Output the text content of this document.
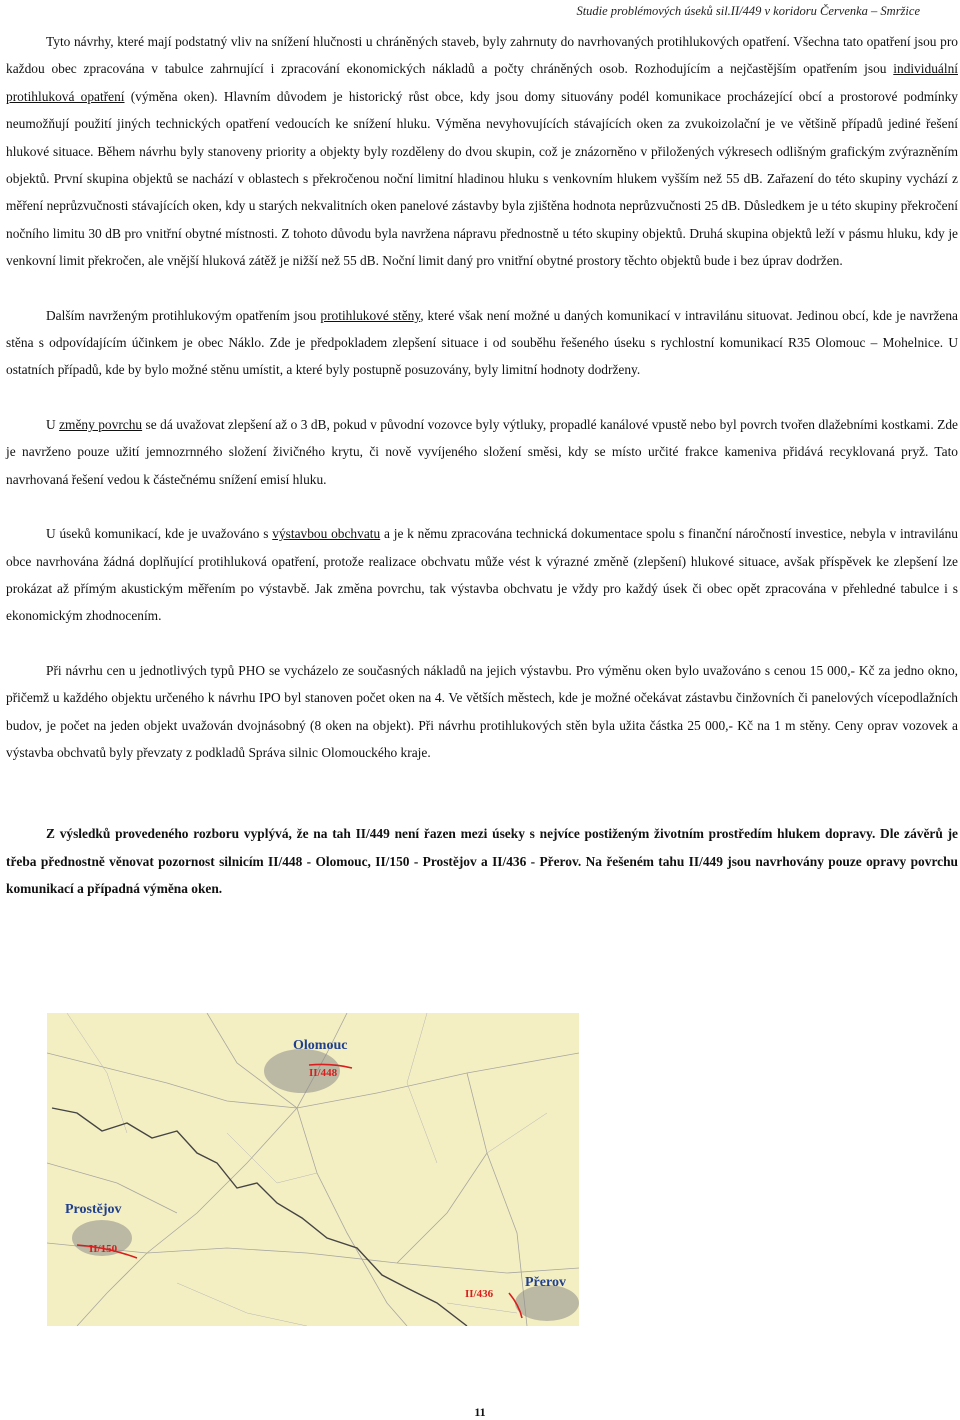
Studie problémových úseků sil.II/449 v koridoru Červenka – Smržice

Tyto návrhy, které mají podstatný vliv na snížení hlučnosti u chráněných staveb, byly zahrnuty do navrhovaných protihlukových opatření. Všechna tato opatření jsou pro každou obec zpracována v tabulce zahrnující i zpracování ekonomických nákladů a počty chráněných osob. Rozhodujícím a nejčastějším opatřením jsou individuální protihluková opatření (výměna oken). Hlavním důvodem je historický růst obce, kdy jsou domy situovány podél komunikace procházející obcí a prostorové podmínky neumožňují použití jiných technických opatření vedoucích ke snížení hluku. Výměna nevyhovujících stávajících oken za zvukoizolační je ve většině případů jediné řešení hlukové situace. Během návrhu byly stanoveny priority a objekty byly rozděleny do dvou skupin, což je znázorněno v přiložených výkresech odlišným grafickým zvýrazněním objektů. První skupina objektů se nachází v oblastech s překročenou noční limitní hladinou hluku s venkovním hlukem vyšším než 55 dB. Zařazení do této skupiny vychází z měření neprůzvučnosti stávajících oken, kdy u starých nekvalitních oken panelové zástavby byla zjištěna hodnota neprůzvučnosti 25 dB. Důsledkem je u této skupiny překročení nočního limitu 30 dB pro vnitřní obytné místnosti. Z tohoto důvodu byla navržena nápravu přednostně u této skupiny objektů. Druhá skupina objektů leží v pásmu hluku, kdy je venkovní limit překročen, ale vnější hluková zátěž je nižší než 55 dB. Noční limit daný pro vnitřní obytné prostory těchto objektů bude i bez úprav dodržen.

Dalším navrženým protihlukovým opatřením jsou protihlukové stěny, které však není možné u daných komunikací v intravilánu situovat. Jedinou obcí, kde je navržena stěna s odpovídajícím účinkem je obec Náklo. Zde je předpokladem zlepšení situace i od souběhu řešeného úseku s rychlostní komunikací R35 Olomouc – Mohelnice. U ostatních případů, kde by bylo možné stěnu umístit, a které byly postupně posuzovány, byly limitní hodnoty dodrženy.

U změny povrchu se dá uvažovat zlepšení až o 3 dB, pokud v původní vozovce byly výtluky, propadlé kanálové vpustě nebo byl povrch tvořen dlažebními kostkami. Zde je navrženo pouze užití jemnozrnného složení živičného krytu, či nově vyvíjeného složení směsi, kdy se místo určité frakce kameniva přidává recyklovaná pryž. Tato navrhovaná řešení vedou k částečnému snížení emisí hluku.

U úseků komunikací, kde je uvažováno s výstavbou obchvatu a je k němu zpracována technická dokumentace spolu s finanční náročností investice, nebyla v intravilánu obce navrhována žádná doplňující protihluková opatření, protože realizace obchvatu může vést k výrazné změně (zlepšení) hlukové situace, avšak příspěvek ke zlepšení lze prokázat až přímým akustickým měřením po výstavbě. Jak změna povrchu, tak výstavba obchvatu je vždy pro každý úsek či obec opět zpracována v přehledné tabulce i s ekonomickým zhodnocením.

Při návrhu cen u jednotlivých typů PHO se vycházelo ze současných nákladů na jejich výstavbu. Pro výměnu oken bylo uvažováno s cenou 15 000,- Kč za jedno okno, přičemž u každého objektu určeného k návrhu IPO byl stanoven počet oken na 4. Ve větších městech, kde je možné očekávat zástavbu činžovních či panelových vícepodlažních budov, je počet na jeden objekt uvažován dvojnásobný (8 oken na objekt). Při návrhu protihlukových stěn byla užita částka 25 000,- Kč na 1 m stěny. Ceny oprav vozovek a výstavba obchvatů byly převzaty z podkladů Správa silnic Olomouckého kraje.

Z výsledků provedeného rozboru vyplývá, že na tah II/449 není řazen mezi úseky s nejvíce postiženým životním prostředím hlukem dopravy. Dle závěrů je třeba přednostně věnovat pozornost silnicím II/448 - Olomouc, II/150 - Prostějov a II/436 - Přerov. Na řešeném tahu II/449 jsou navrhovány pouze opravy povrchu komunikací a případná výměna oken.

Olomouc
II/448
Prostějov
II/150
Přerov
II/436
11
